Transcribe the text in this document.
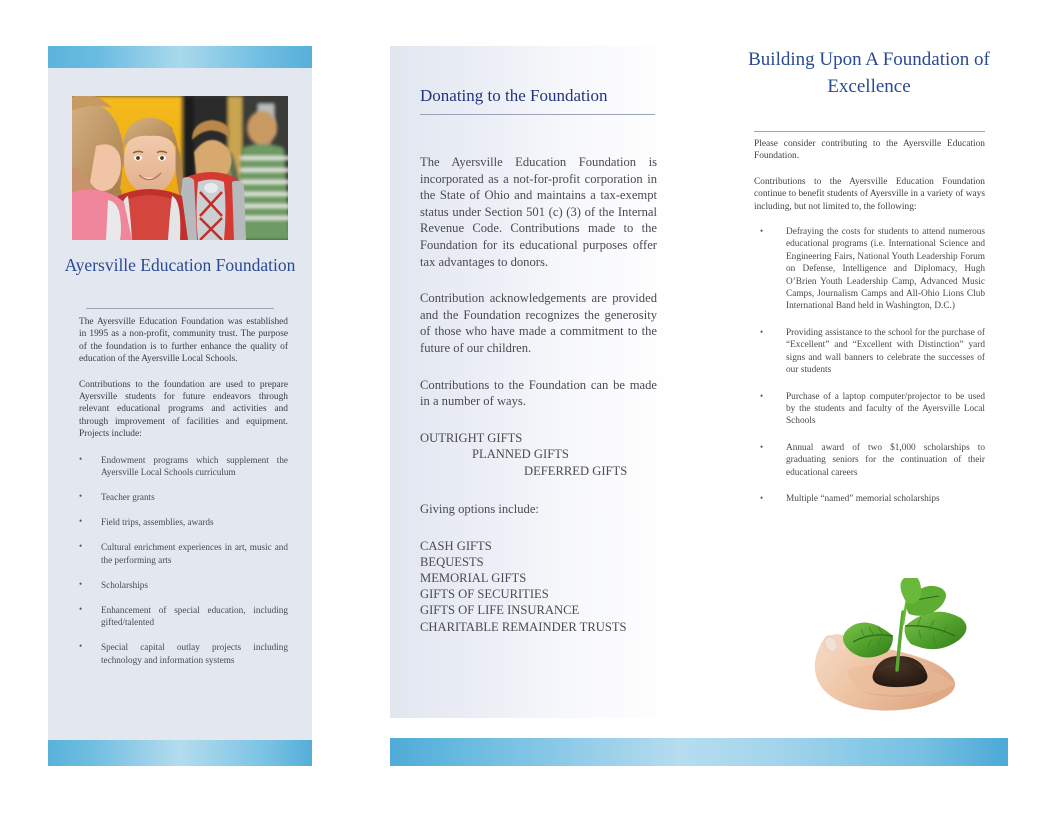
Ayersville Education Foundation

The Ayersville Education Foundation was established in 1995 as a non-profit, community trust. The purpose of the foundation is to further enhance the quality of education of the Ayersville Local Schools.

Contributions to the foundation are used to prepare Ayersville students for future endeavors through relevant educational programs and activities and through improvement of facilities and equipment. Projects include:

• Endowment programs which supplement the Ayersville Local Schools curriculum
• Teacher grants
• Field trips, assemblies, awards
• Cultural enrichment experiences in art, music and the performing arts
• Scholarships
• Enhancement of special education, including gifted/talented
• Special capital outlay projects including technology and information systems
Donating to the Foundation

The Ayersville Education Foundation is incorporated as a not-for-profit corporation in the State of Ohio and maintains a tax-exempt status under Section 501 (c) (3) of the Internal Revenue Code. Contributions made to the Foundation for its educational purposes offer tax advantages to donors.

Contribution acknowledgements are provided and the Foundation recognizes the generosity of those who have made a commitment to the future of our children.

Contributions to the Foundation can be made in a number of ways.

OUTRIGHT GIFTS
PLANNED GIFTS
DEFERRED GIFTS

Giving options include:

CASH GIFTS
BEQUESTS
MEMORIAL GIFTS
GIFTS OF SECURITIES
GIFTS OF LIFE INSURANCE
CHARITABLE REMAINDER TRUSTS
Building Upon A Foundation of Excellence

Please consider contributing to the Ayersville Education Foundation.

Contributions to the Ayersville Education Foundation continue to benefit students of Ayersville in a variety of ways including, but not limited to, the following:

• Defraying the costs for students to attend numerous educational programs (i.e. International Science and Engineering Fairs, National Youth Leadership Forum on Defense, Intelligence and Diplomacy, Hugh O’Brien Youth Leadership Camp, Advanced Music Camps, Journalism Camps and All-Ohio Lions Club International Band held in Washington, D.C.)
• Providing assistance to the school for the purchase of “Excellent” and “Excellent with Distinction” yard signs and wall banners to celebrate the successes of our students
• Purchase of a laptop computer/projector to be used by the students and faculty of the Ayersville Local Schools
• Annual award of two $1,000 scholarships to graduating seniors for the continuation of their educational careers
• Multiple “named” memorial scholarships
